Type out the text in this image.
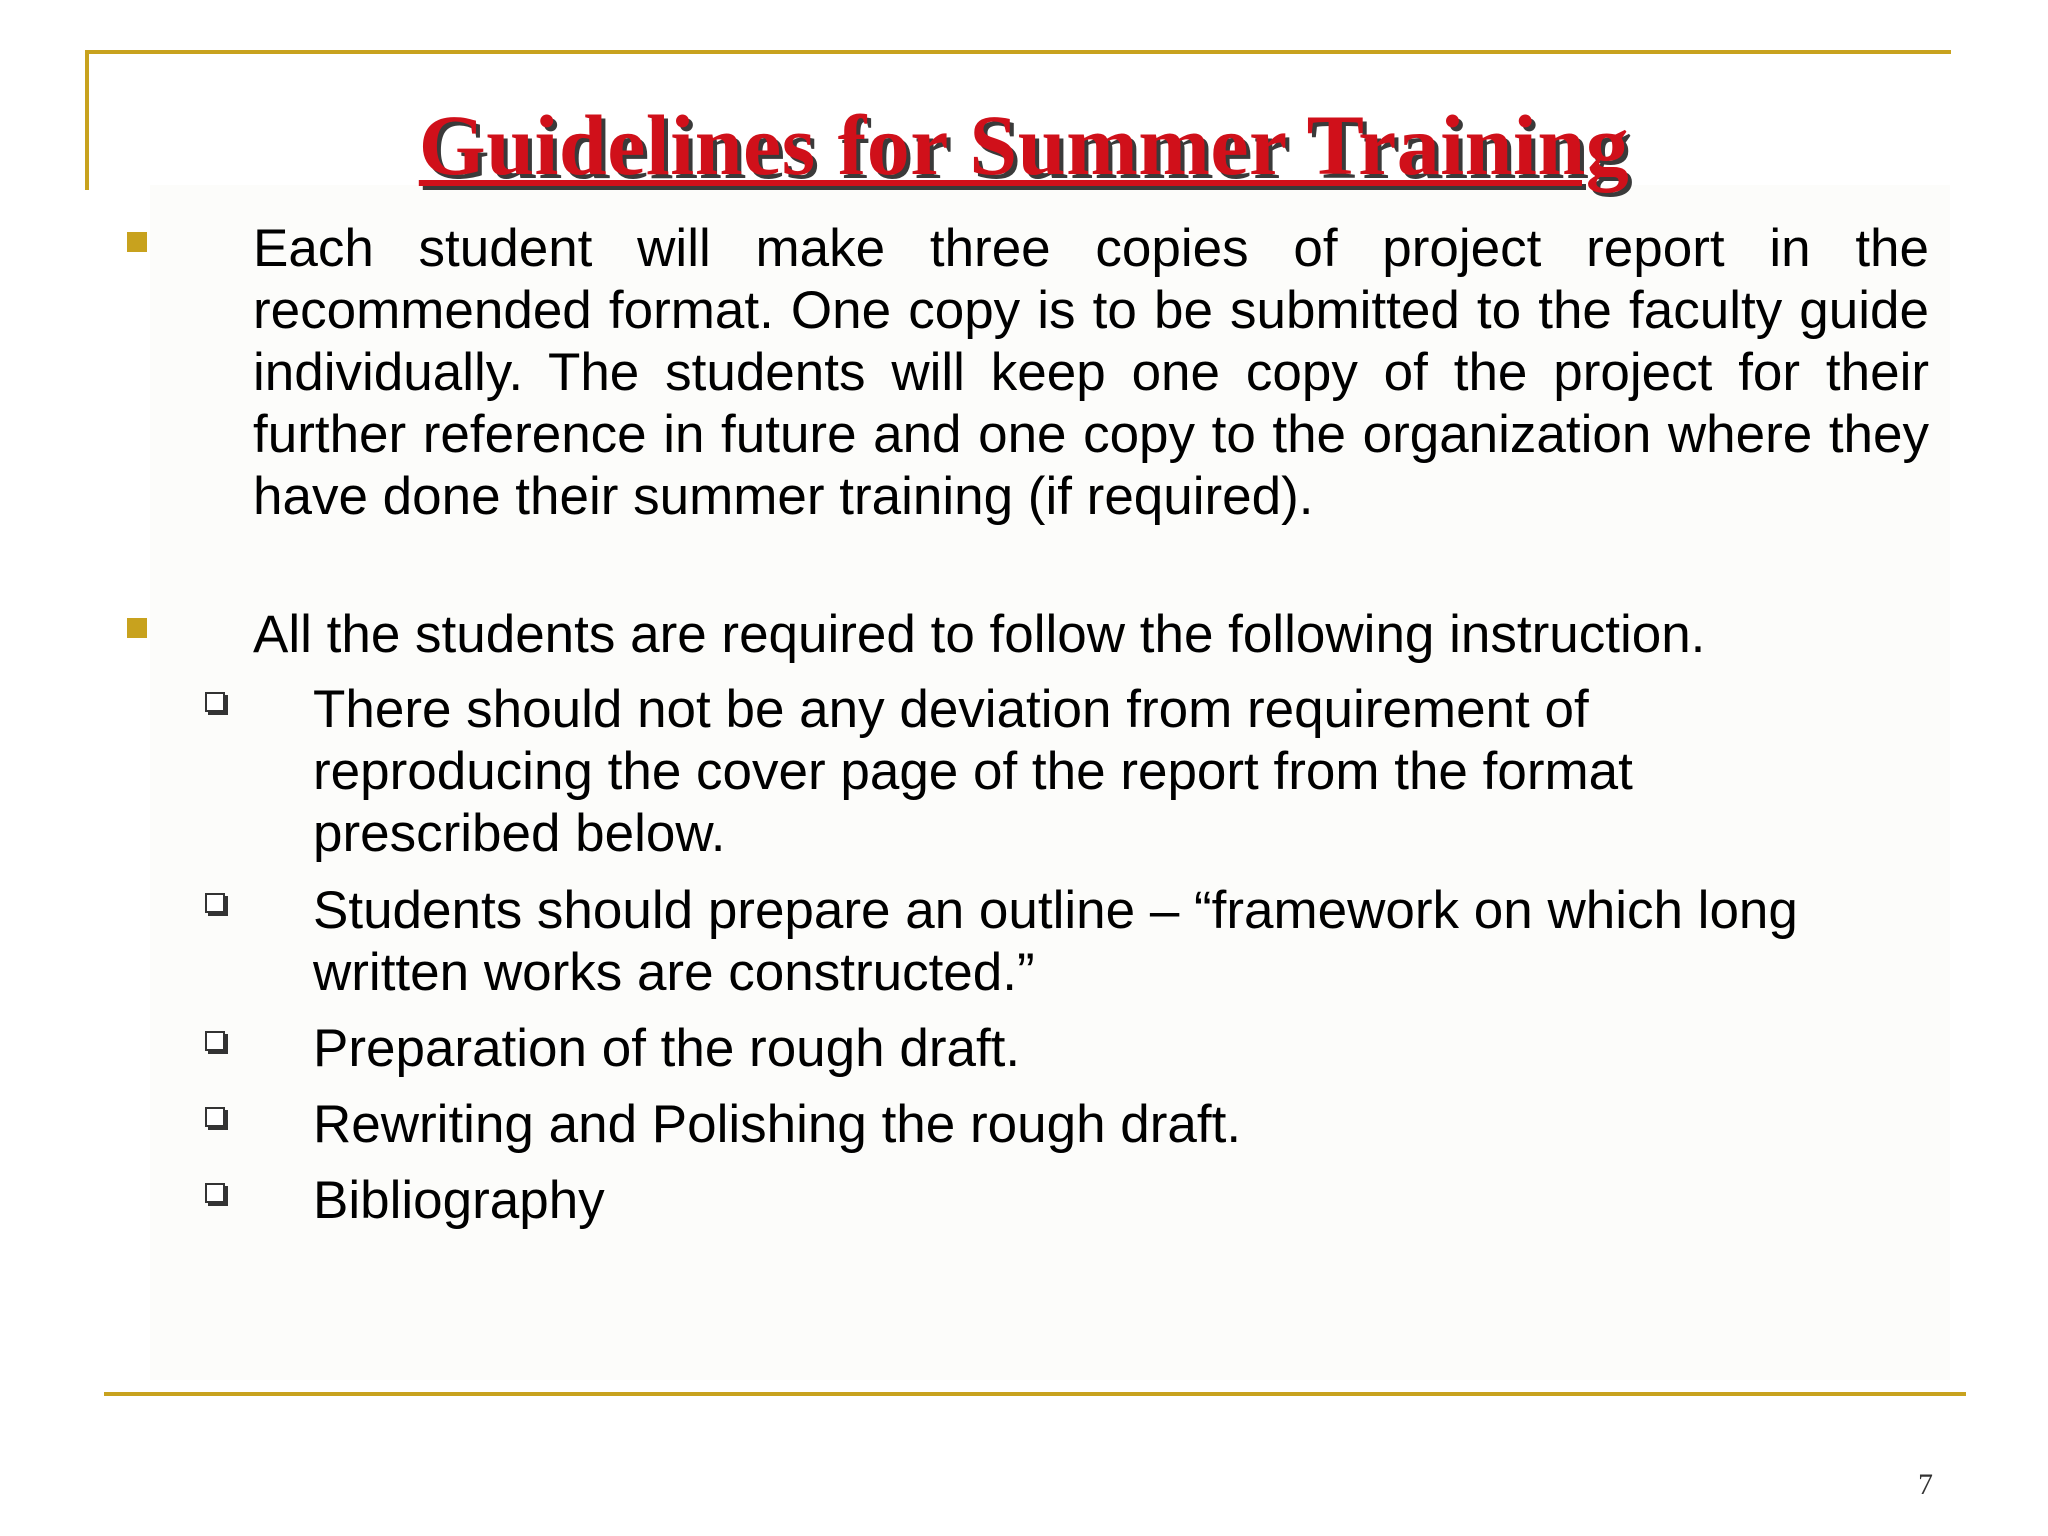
Guidelines for Summer Training
Each student will make three copies of project report in the recommended format. One copy is to be submitted to the faculty guide individually. The students will keep one copy of the project for their further reference in future and one copy to the organization where they have done their summer training (if required).
All the students are required to follow the following instruction.
There should not be any deviation from requirement of reproducing the cover page of the report from the format prescribed below.
Students should prepare an outline – “framework on which long written works are constructed.”
Preparation of the rough draft.
Rewriting and Polishing the rough draft.
Bibliography
7
